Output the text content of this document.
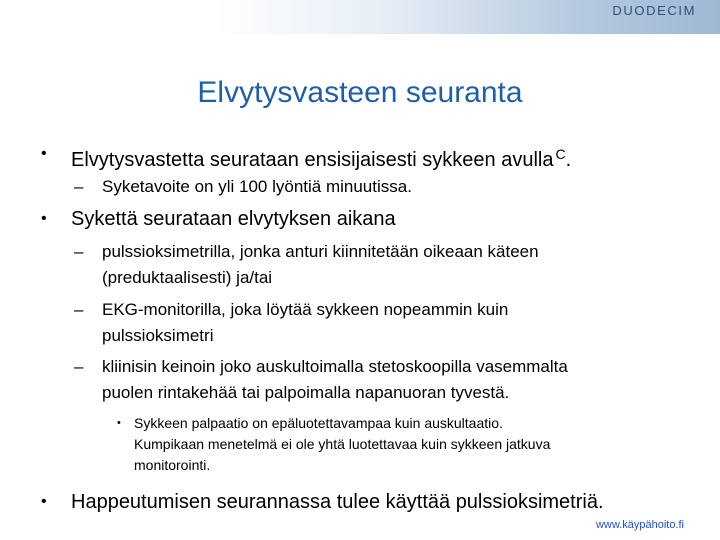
DUODECIM
Elvytysvasteen seuranta
• Elvytysvastetta seurataan ensisijaisesti sykkeen avulla $^C$.
– Syketavoite on yli 100 lyöntiä minuutissa.
• Sykettä seurataan elvytyksen aikana
– pulssioksimetrilla, jonka anturi kiinnitetään oikeaan käteen
(preduktaalisesti) ja/tai
– EKG-monitorilla, joka löytää sykkeen nopeammin kuin
pulssioksimetri
– kliinisin keinoin joko auskultoimalla stetoskoopilla vasemmalta
puolen rintakehää tai palpoimalla napanuoran tyvestä.
• Sykkeen palpaatio on epäluotettavampaa kuin auskultaatio.
Kumpikaan menetelmä ei ole yhtä luotettavaa kuin sykkeen jatkuva
monitorointi.
• Happeutumisen seurannassa tulee käyttää pulssioksimetriä.
www.käypähoito.fi
